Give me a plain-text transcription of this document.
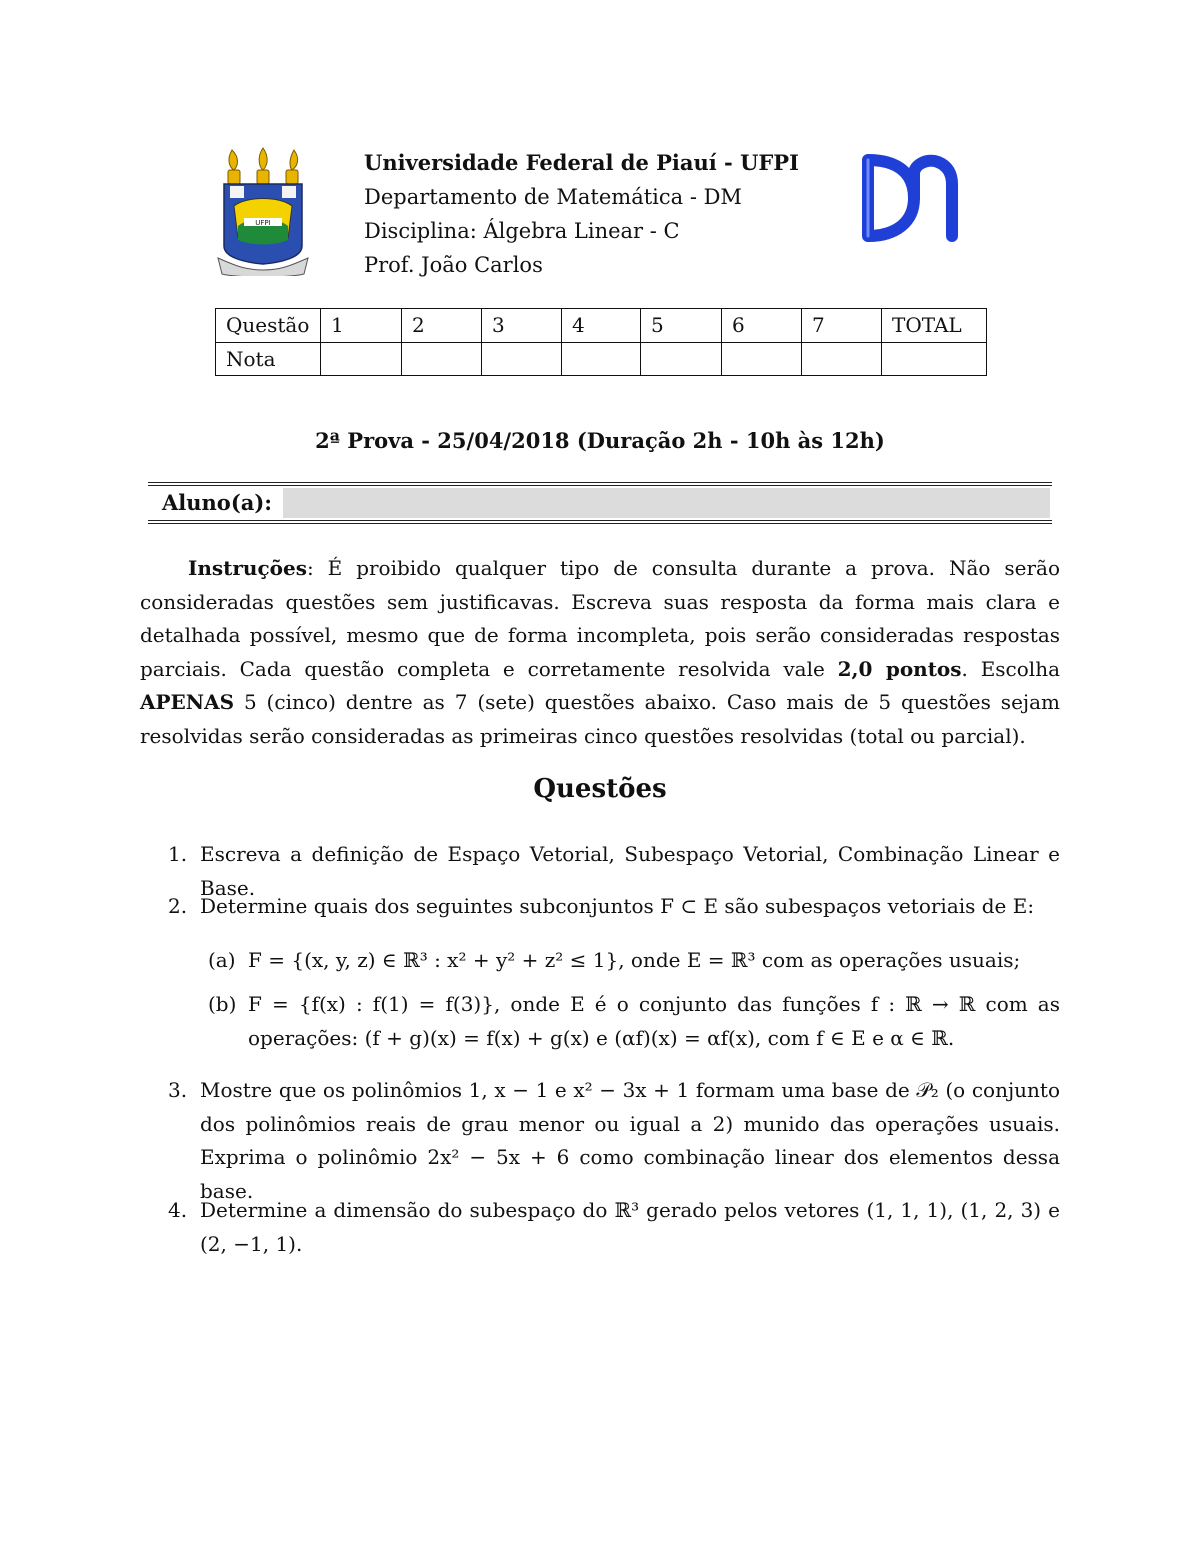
UFPI
Universidade Federal de Piauí - UFPI
Departamento de Matemática - DM
Disciplina: Álgebra Linear - C
Prof. João Carlos
Questão	1	2	3	4	5	6	7	TOTAL
Nota								
2ª Prova - 25/04/2018 (Duração 2h - 10h às 12h)
Aluno(a):
Instruções: É proibido qualquer tipo de consulta durante a prova. Não serão consideradas questões sem justificavas. Escreva suas resposta da forma mais clara e detalhada possível, mesmo que de forma incompleta, pois serão consideradas respostas parciais. Cada questão completa e corretamente resolvida vale 2,0 pontos. Escolha APENAS 5 (cinco) dentre as 7 (sete) questões abaixo. Caso mais de 5 questões sejam resolvidas serão consideradas as primeiras cinco questões resolvidas (total ou parcial).
Questões
1. Escreva a definição de Espaço Vetorial, Subespaço Vetorial, Combinação Linear e Base.
2. Determine quais dos seguintes subconjuntos F ⊂ E são subespaços vetoriais de E:
(a) F = {(x, y, z) ∈ ℝ³ : x² + y² + z² ≤ 1}, onde E = ℝ³ com as operações usuais;
(b) F = {f(x) : f(1) = f(3)}, onde E é o conjunto das funções f : ℝ → ℝ com as operações: (f + g)(x) = f(x) + g(x) e (αf)(x) = αf(x), com f ∈ E e α ∈ ℝ.
3. Mostre que os polinômios 1, x − 1 e x² − 3x + 1 formam uma base de 𝒫₂ (o conjunto dos polinômios reais de grau menor ou igual a 2) munido das operações usuais. Exprima o polinômio 2x² − 5x + 6 como combinação linear dos elementos dessa base.
4. Determine a dimensão do subespaço do ℝ³ gerado pelos vetores (1, 1, 1), (1, 2, 3) e (2, −1, 1).
